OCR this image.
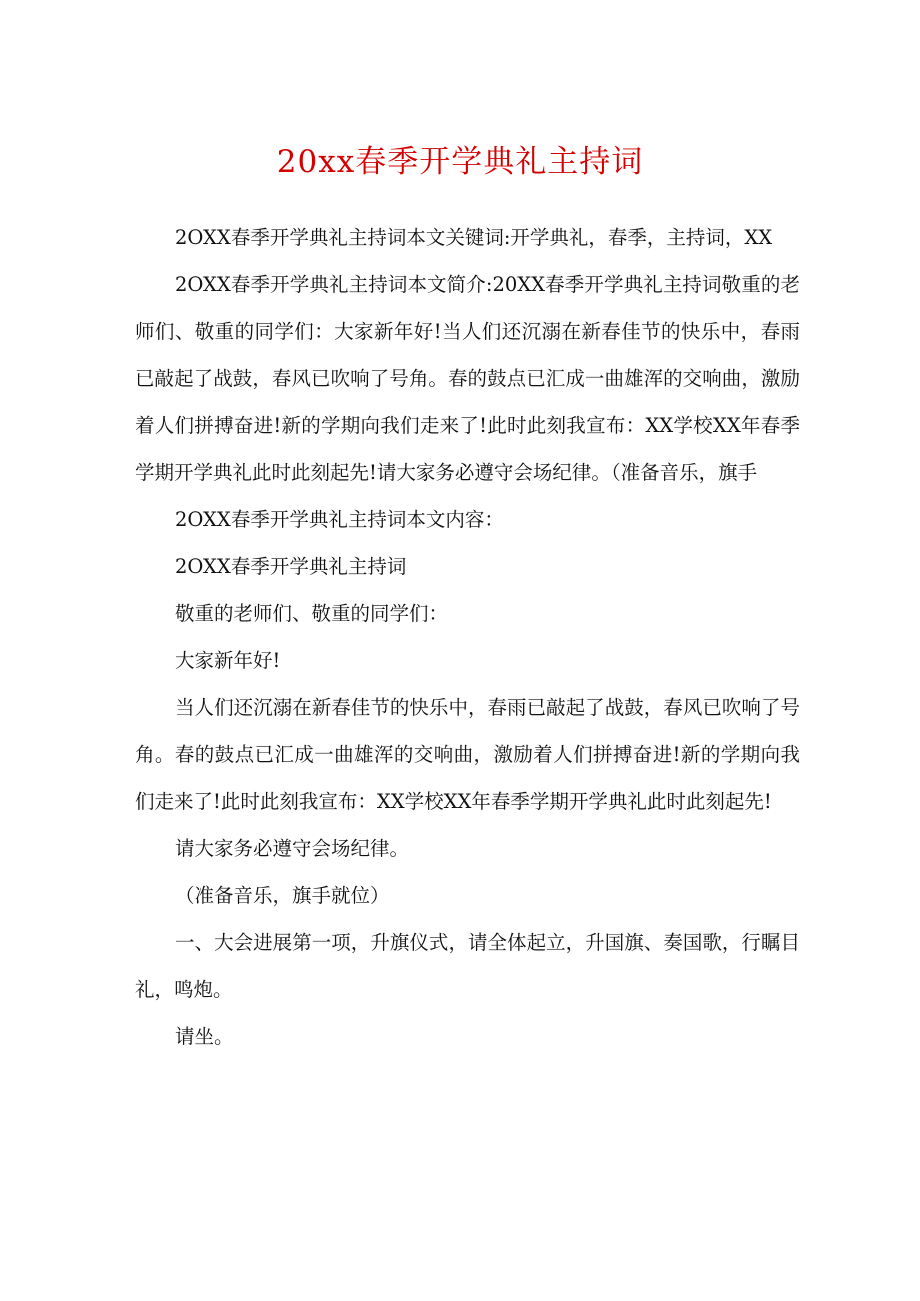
20xx春季开学典礼主持词

2OXX春季开学典礼主持词本文关键词:开学典礼，春季，主持词，XX

2OXX春季开学典礼主持词本文简介:20XX春季开学典礼主持词敬重的老师们、敬重的同学们：大家新年好!当人们还沉溺在新春佳节的快乐中，春雨已敲起了战鼓，春风已吹响了号角。春的鼓点已汇成一曲雄浑的交响曲，激励着人们拼搏奋进!新的学期向我们走来了!此时此刻我宣布：XX学校XX年春季学期开学典礼此时此刻起先!请大家务必遵守会场纪律。（准备音乐，旗手

2OXX春季开学典礼主持词本文内容：

2OXX春季开学典礼主持词

敬重的老师们、敬重的同学们：

大家新年好!

当人们还沉溺在新春佳节的快乐中，春雨已敲起了战鼓，春风已吹响了号角。春的鼓点已汇成一曲雄浑的交响曲，激励着人们拼搏奋进!新的学期向我们走来了!此时此刻我宣布：XX学校XX年春季学期开学典礼此时此刻起先!

请大家务必遵守会场纪律。

（准备音乐，旗手就位）

一、大会进展第一项，升旗仪式，请全体起立，升国旗、奏国歌，行瞩目礼，鸣炮。

请坐。
